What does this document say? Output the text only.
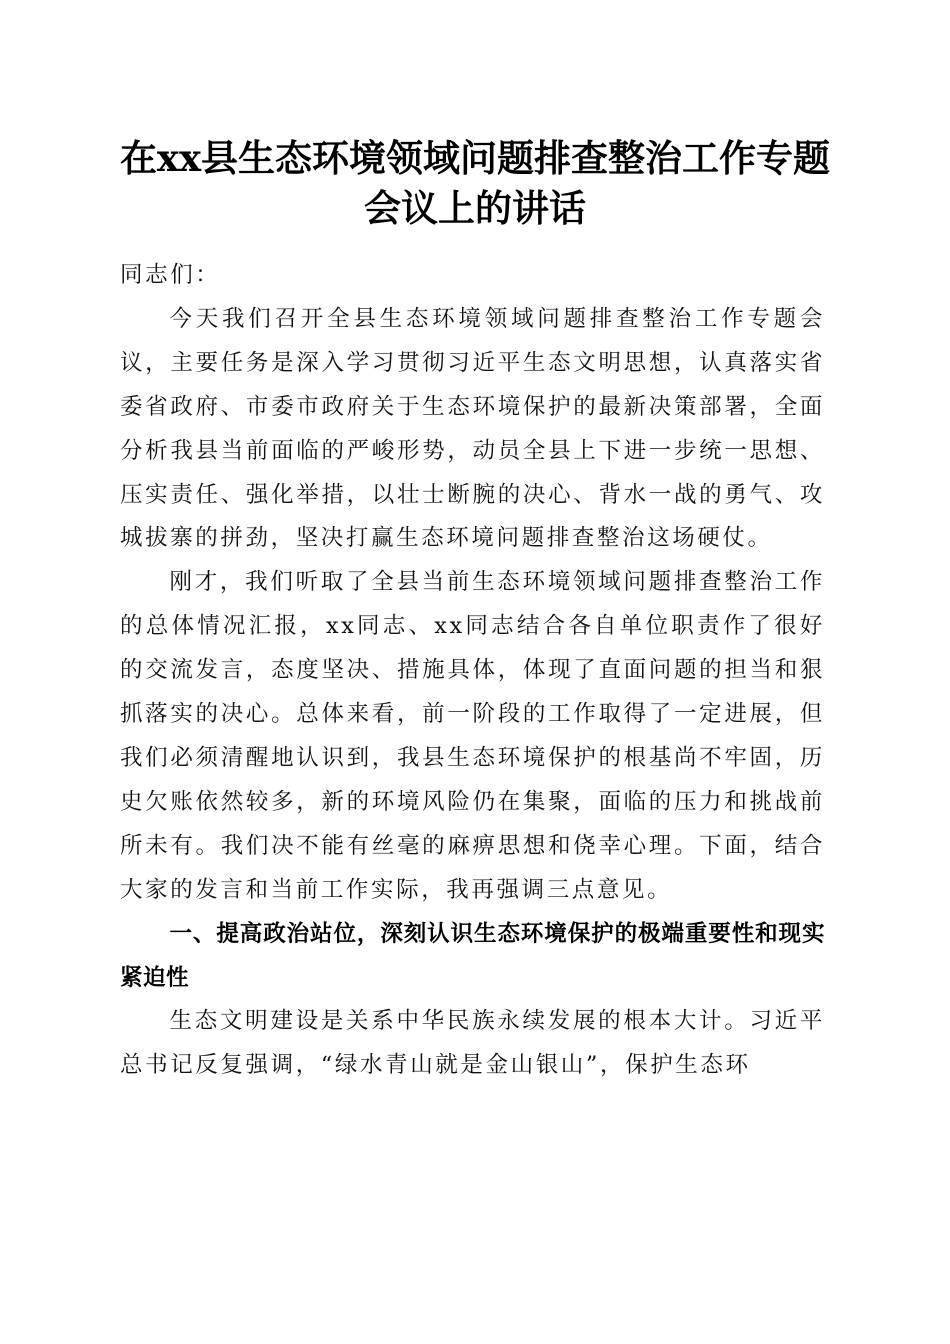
在xx县生态环境领域问题排查整治工作专题
会议上的讲话

同志们：

今天我们召开全县生态环境领域问题排查整治工作专题会议，主要任务是深入学习贯彻习近平生态文明思想，认真落实省委省政府、市委市政府关于生态环境保护的最新决策部署，全面分析我县当前面临的严峻形势，动员全县上下进一步统一思想、压实责任、强化举措，以壮士断腕的决心、背水一战的勇气、攻城拔寨的拼劲，坚决打赢生态环境问题排查整治这场硬仗。

刚才，我们听取了全县当前生态环境领域问题排查整治工作的总体情况汇报，xx同志、xx同志结合各自单位职责作了很好的交流发言，态度坚决、措施具体，体现了直面问题的担当和狠抓落实的决心。总体来看，前一阶段的工作取得了一定进展，但我们必须清醒地认识到，我县生态环境保护的根基尚不牢固，历史欠账依然较多，新的环境风险仍在集聚，面临的压力和挑战前所未有。我们决不能有丝毫的麻痹思想和侥幸心理。下面，结合大家的发言和当前工作实际，我再强调三点意见。

一、提高政治站位，深刻认识生态环境保护的极端重要性和现实紧迫性

生态文明建设是关系中华民族永续发展的根本大计。习近平总书记反复强调，“绿水青山就是金山银山”，保护生态环
